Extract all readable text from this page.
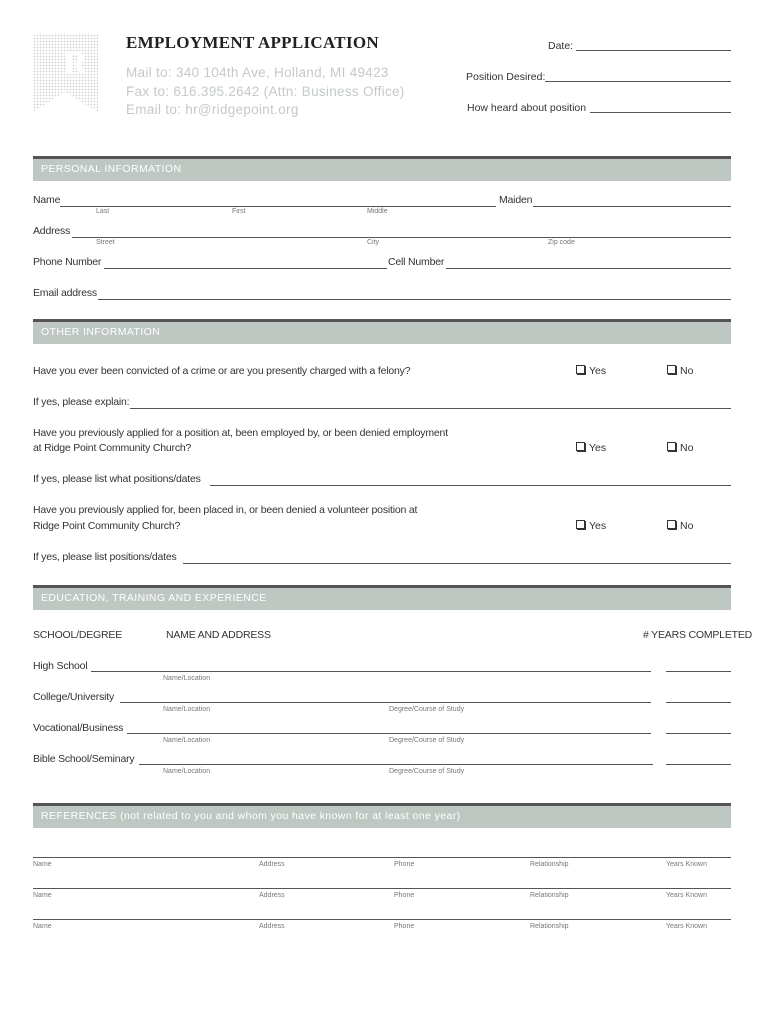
R
EMPLOYMENT APPLICATION
Mail to: 340 104th Ave, Holland, MI 49423
Fax to: 616.395.2642 (Attn: Business Office)
Email to: hr@ridgepoint.org
Date:
Position Desired:
How heard about position
PERSONAL INFORMATION
Name	Maiden
Last	First	Middle
Address
Street	City	Zip code
Phone Number	Cell Number
Email address
OTHER INFORMATION
Have you ever been convicted of a crime or are you presently charged with a felony?	Yes	No
If yes, please explain:
Have you previously applied for a position at, been employed by, or been denied employment
at Ridge Point Community Church?	Yes	No
If yes, please list what positions/dates
Have you previously applied for, been placed in, or been denied a volunteer position at
Ridge Point Community Church?	Yes	No
If yes, please list positions/dates
EDUCATION, TRAINING AND EXPERIENCE
SCHOOL/DEGREE	NAME AND ADDRESS	# YEARS COMPLETED
High School
Name/Location
College/University
Name/Location	Degree/Course of Study
Vocational/Business
Name/Location	Degree/Course of Study
Bible School/Seminary
Name/Location	Degree/Course of Study
REFERENCES (not related to you and whom you have known for at least one year)
Name	Address	Phone	Relationship	Years Known
Name	Address	Phone	Relationship	Years Known
Name	Address	Phone	Relationship	Years Known
